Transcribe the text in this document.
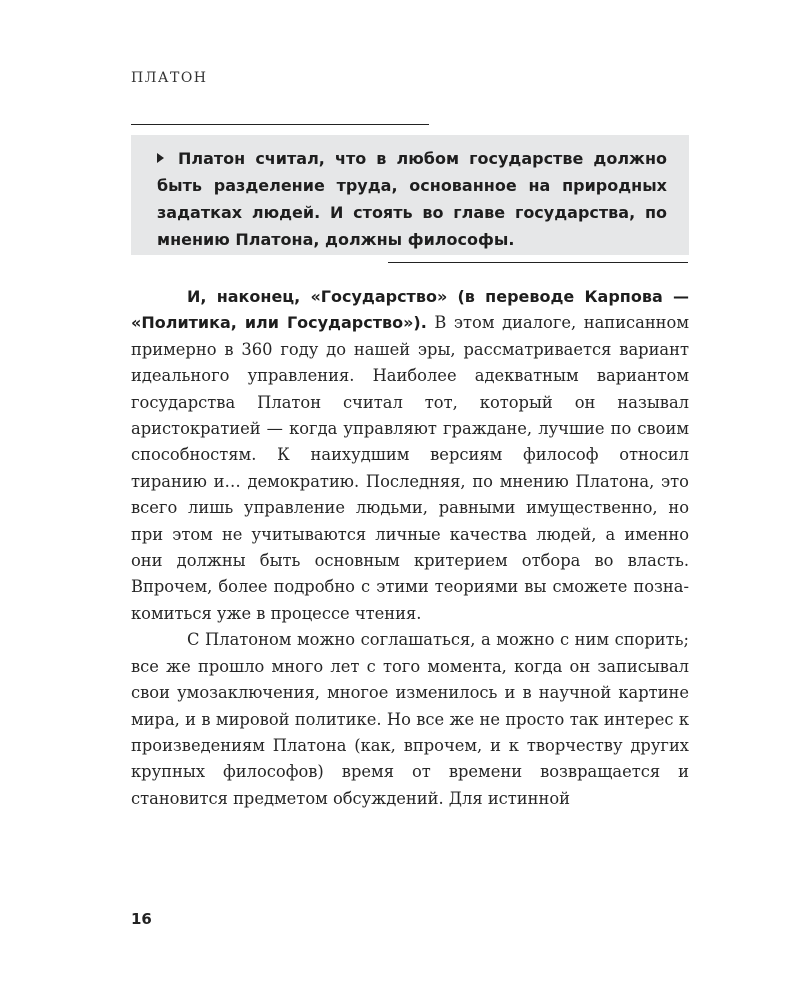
ПЛАТОН
Платон считал, что в любом государстве должно быть разделение труда, основанное на природных задатках людей. И стоять во главе государства, по мнению Платона, должны философы.

И, наконец, «Государство» (в переводе Карпова — «Политика, или Государство»). В этом диалоге, написанном примерно в 360 году до нашей эры, рассматривается вариант идеального управления. Наиболее адекватным вариантом государства Платон считал тот, который он называл аристократией — когда управляют граждане, лучшие по своим способностям. К наихудшим версиям философ относил тиранию и… демократию. Последняя, по мнению Платона, это всего лишь управление людьми, равными имущественно, но при этом не учитываются личные качества людей, а именно они должны быть основным критерием отбора во власть. Впрочем, более подробно с этими теориями вы сможете познакомиться уже в процессе чтения.

С Платоном можно соглашаться, а можно с ним спорить; все же прошло много лет с того момента, когда он записывал свои умозаключения, многое изменилось и в научной картине мира, и в мировой политике. Но все же не просто так интерес к произведениям Платона (как, впрочем, и к творчеству других крупных философов) время от времени возвращается и становится предметом обсуждений. Для истинной

16
